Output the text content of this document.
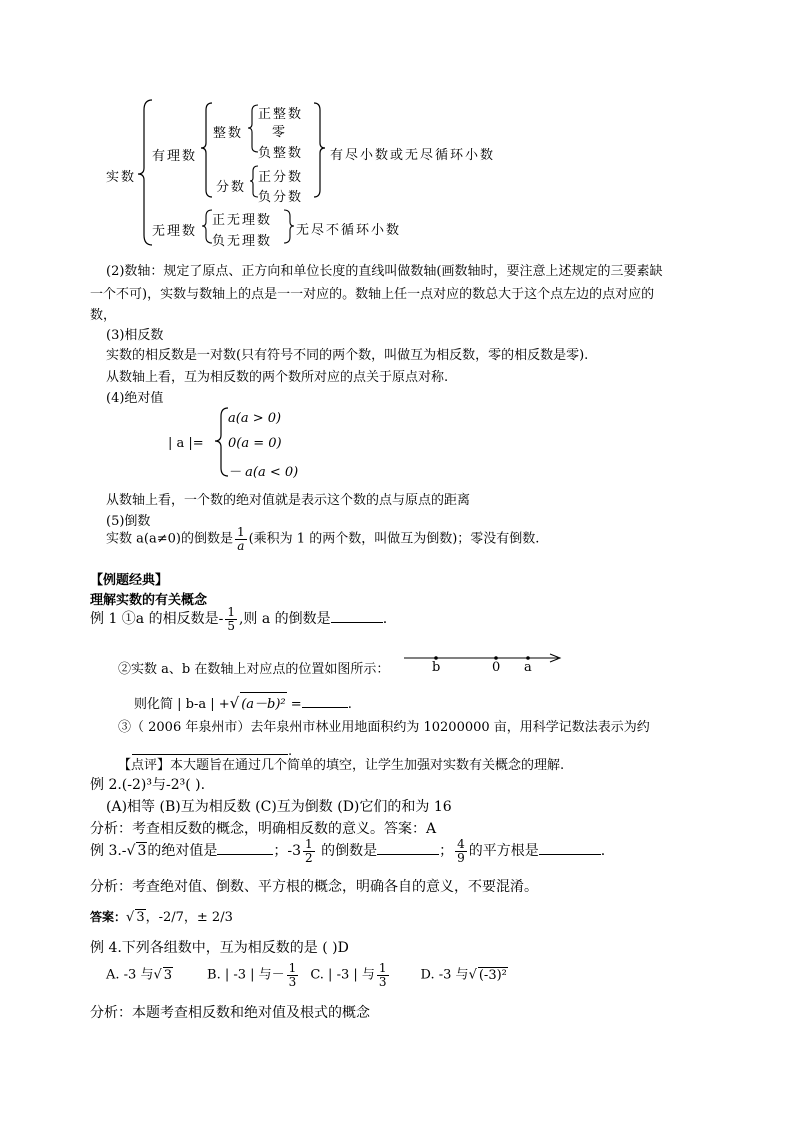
实数
有理数
整数
正整数
零
负整数
分数
正分数
负分数
有尽小数或无尽循环小数
无理数
正无理数
负无理数
无尽不循环小数
(2)数轴：规定了原点、正方向和单位长度的直线叫做数轴(画数轴时，要注意上述规定的三要素缺
一个不可)，实数与数轴上的点是一一对应的。数轴上任一点对应的数总大于这个点左边的点对应的
数，
(3)相反数
实数的相反数是一对数(只有符号不同的两个数，叫做互为相反数，零的相反数是零).
从数轴上看，互为相反数的两个数所对应的点关于原点对称.
(4)绝对值
| a |=
a(a > 0)
0(a = 0)
－ a(a < 0)
从数轴上看，一个数的绝对值就是表示这个数的点与原点的距离
(5)倒数
实数 a(a≠0)的倒数是 $\frac{1}{a}$ (乘积为 1 的两个数，叫做互为倒数)；零没有倒数.
【例题经典】
理解实数的有关概念
例 1 ①a 的相反数是- $\frac{1}{5}$ ,则 a 的倒数是	.
②实数 a、b 在数轴上对应点的位置如图所示：	b	0 a
则化简 | b-a | +√ (a－b)² =	.
③（ 2006 年泉州市）去年泉州市林业用地面积约为 10200000 亩，用科学记数法表示为约
.
【点评】本大题旨在通过几个简单的填空，让学生加强对实数有关概念的理解.
例 2.(-2)³与-2³( ).
(A)相等 (B)互为相反数 (C)互为倒数 (D)它们的和为 16
分析：考查相反数的概念，明确相反数的意义。答案：A
例 3.-√ 3的绝对值是	；$-3 \frac{1}{2}$ 的倒数是	； $\frac{4}{9}$ 的平方根是	.
分析：考查绝对值、倒数、平方根的概念，明确各自的意义，不要混淆。
答案：√ 3，-2/7，± 2/3
例 4.下列各组数中，互为相反数的是 ( )D
A. -3 与√ 3	B. | -3 | 与－ $\frac{1}{3} C$. | -3 | 与 $\frac{1}{3} D$. -3 与√ (-3)²
分析：本题考查相反数和绝对值及根式的概念
